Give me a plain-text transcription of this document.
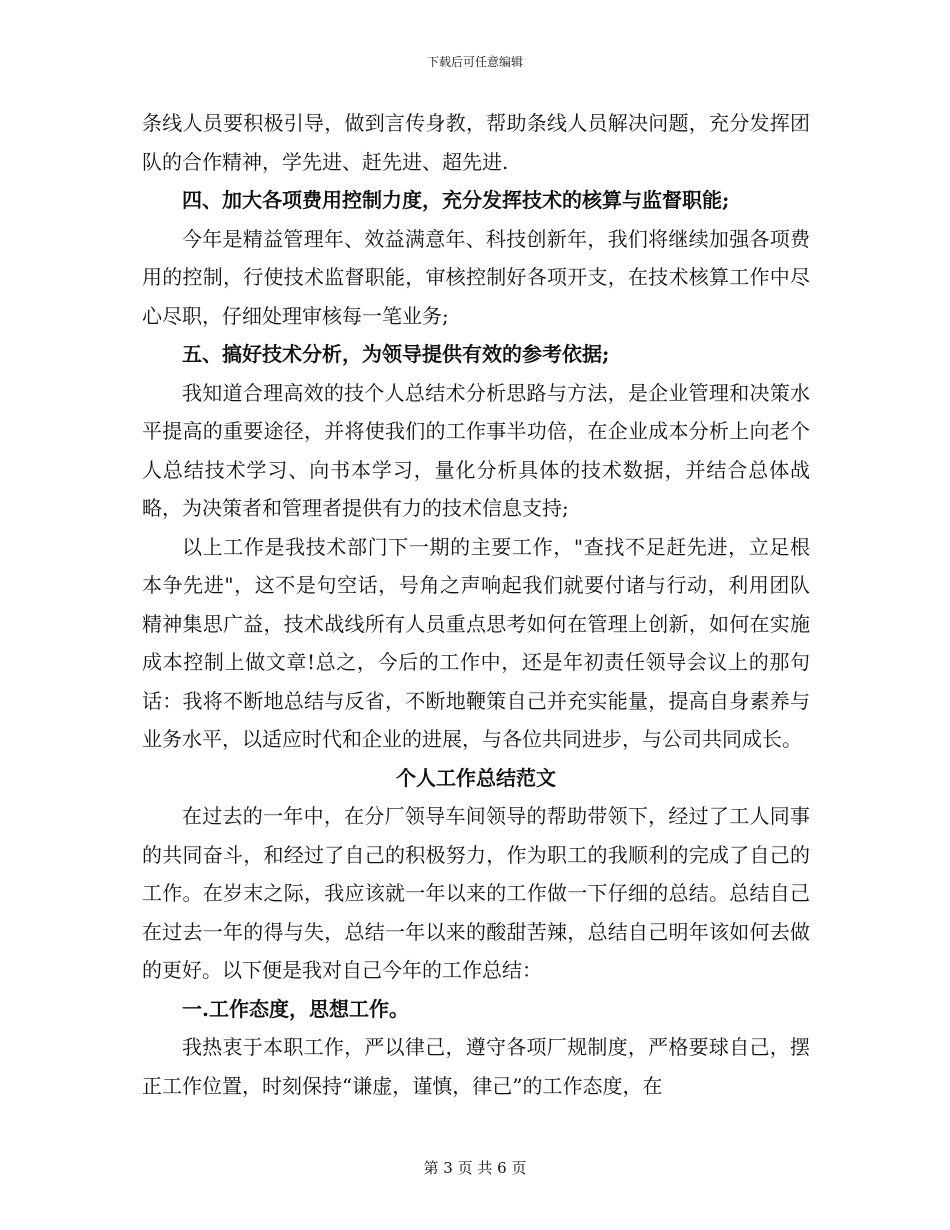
下载后可任意编辑

条线人员要积极引导，做到言传身教，帮助条线人员解决问题，充分发挥团队的合作精神，学先进、赶先进、超先进.

四、加大各项费用控制力度，充分发挥技术的核算与监督职能;

今年是精益管理年、效益满意年、科技创新年，我们将继续加强各项费用的控制，行使技术监督职能，审核控制好各项开支，在技术核算工作中尽心尽职，仔细处理审核每一笔业务;

五、搞好技术分析，为领导提供有效的参考依据;

我知道合理高效的技个人总结术分析思路与方法，是企业管理和决策水平提高的重要途径，并将使我们的工作事半功倍，在企业成本分析上向老个人总结技术学习、向书本学习，量化分析具体的技术数据，并结合总体战略，为决策者和管理者提供有力的技术信息支持;

以上工作是我技术部门下一期的主要工作，"查找不足赶先进，立足根本争先进"，这不是句空话，号角之声响起我们就要付诸与行动，利用团队精神集思广益，技术战线所有人员重点思考如何在管理上创新，如何在实施成本控制上做文章!总之，今后的工作中，还是年初责任领导会议上的那句话：我将不断地总结与反省，不断地鞭策自己并充实能量，提高自身素养与业务水平，以适应时代和企业的进展，与各位共同进步，与公司共同成长。

个人工作总结范文

在过去的一年中，在分厂领导车间领导的帮助带领下，经过了工人同事的共同奋斗，和经过了自己的积极努力，作为职工的我顺利的完成了自己的工作。在岁末之际，我应该就一年以来的工作做一下仔细的总结。总结自己在过去一年的得与失，总结一年以来的酸甜苦辣，总结自己明年该如何去做的更好。以下便是我对自己今年的工作总结：

一.工作态度，思想工作。

我热衷于本职工作，严以律己，遵守各项厂规制度，严格要球自己，摆正工作位置，时刻保持“谦虚，谨慎，律己”的工作态度，在

第 3 页 共 6 页
